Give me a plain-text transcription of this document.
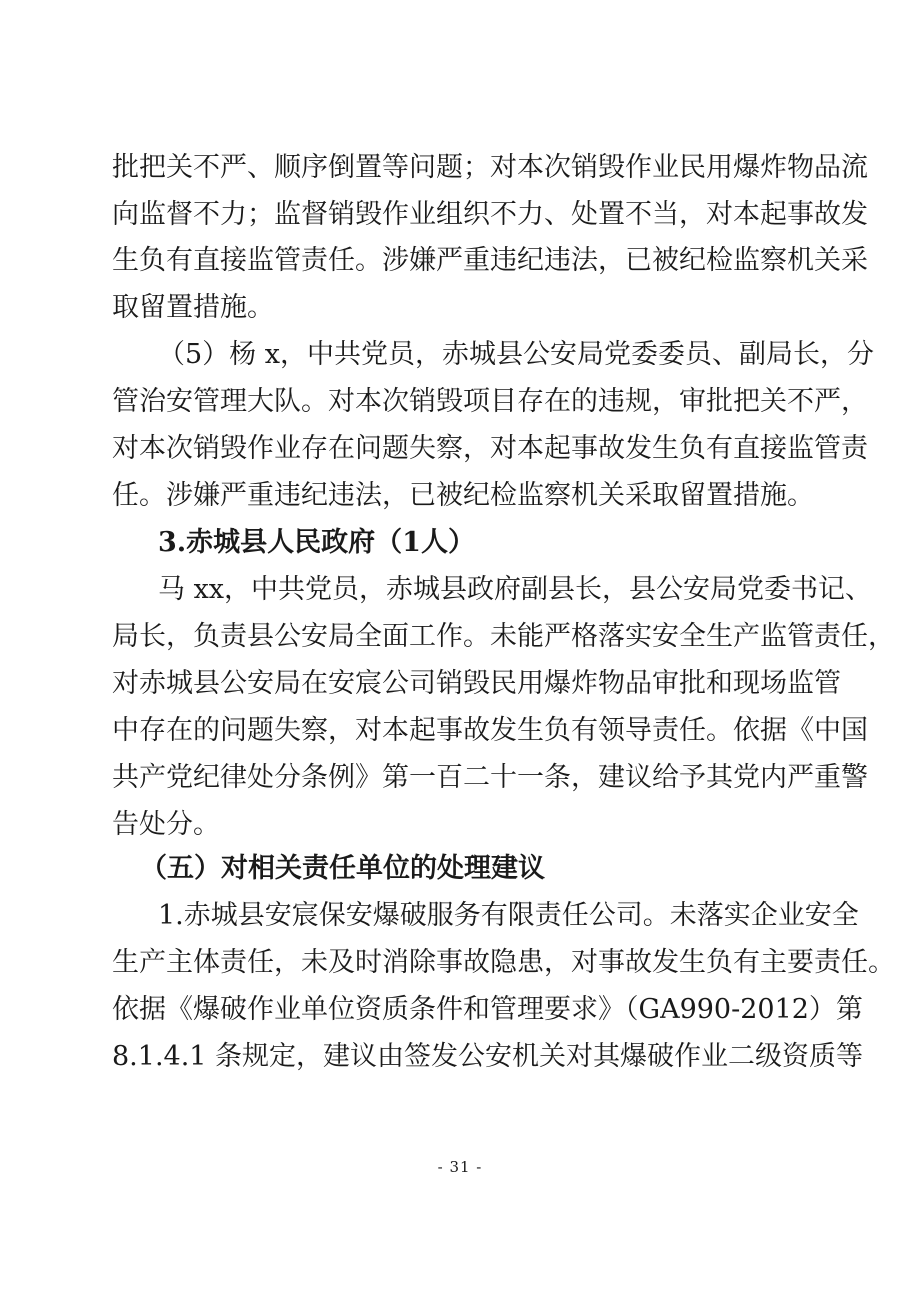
批把关不严、顺序倒置等问题；对本次销毁作业民用爆炸物品流
向监督不力；监督销毁作业组织不力、处置不当，对本起事故发
生负有直接监管责任。涉嫌严重违纪违法，已被纪检监察机关采
取留置措施。
（5）杨 x，中共党员，赤城县公安局党委委员、副局长，分
管治安管理大队。对本次销毁项目存在的违规，审批把关不严，
对本次销毁作业存在问题失察，对本起事故发生负有直接监管责
任。涉嫌严重违纪违法，已被纪检监察机关采取留置措施。
3.赤城县人民政府（1人）
马 xx，中共党员，赤城县政府副县长，县公安局党委书记、
局长，负责县公安局全面工作。未能严格落实安全生产监管责任，
对赤城县公安局在安宸公司销毁民用爆炸物品审批和现场监管
中存在的问题失察，对本起事故发生负有领导责任。依据《中国
共产党纪律处分条例》第一百二十一条，建议给予其党内严重警
告处分。
（五）对相关责任单位的处理建议
1.赤城县安宸保安爆破服务有限责任公司。未落实企业安全
生产主体责任，未及时消除事故隐患，对事故发生负有主要责任。
依据《爆破作业单位资质条件和管理要求》（GA990-2012）第
8.1.4.1 条规定，建议由签发公安机关对其爆破作业二级资质等
- 31 -
